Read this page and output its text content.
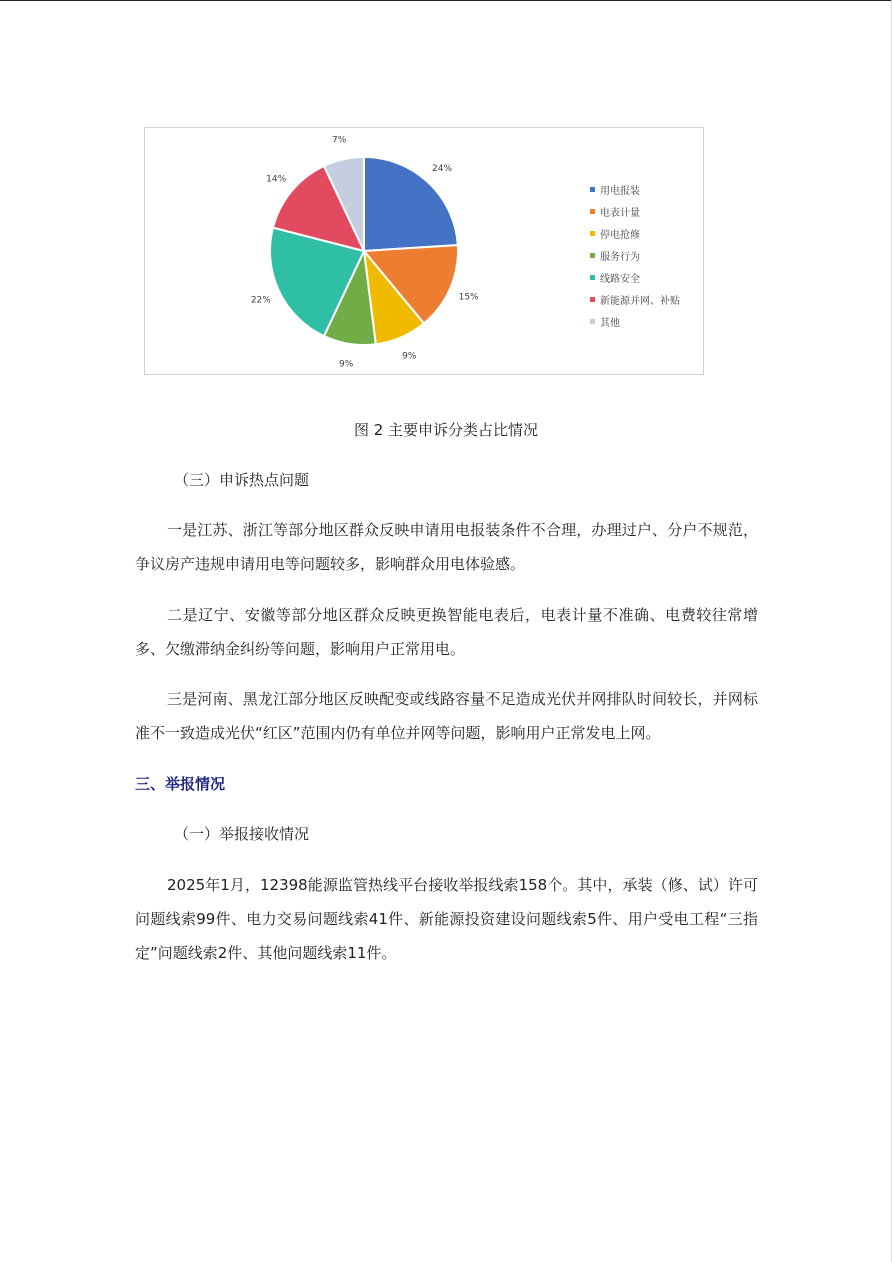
24%
15%
9%
9%
22%
14%
7%
用电报装
电表计量
停电抢修
服务行为
线路安全
新能源并网、补贴
其他
图 2 主要申诉分类占比情况
（三）申诉热点问题
一是江苏、浙江等部分地区群众反映申请用电报装条件不合理，办理过户、分户不规范，争议房产违规申请用电等问题较多，影响群众用电体验感。
二是辽宁、安徽等部分地区群众反映更换智能电表后，电表计量不准确、电费较往常增多、欠缴滞纳金纠纷等问题，影响用户正常用电。
三是河南、黑龙江部分地区反映配变或线路容量不足造成光伏并网排队时间较长，并网标准不一致造成光伏“红区”范围内仍有单位并网等问题，影响用户正常发电上网。
三、举报情况
（一）举报接收情况
2025年1月，12398能源监管热线平台接收举报线索158个。其中，承装（修、试）许可问题线索99件、电力交易问题线索41件、新能源投资建设问题线索5件、用户受电工程“三指定”问题线索2件、其他问题线索11件。
